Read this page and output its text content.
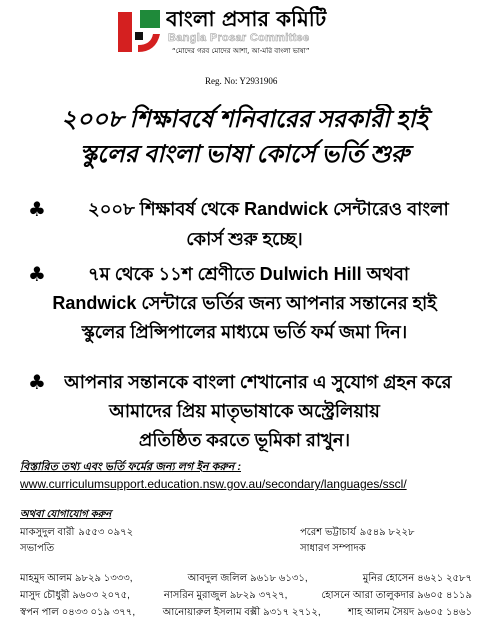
বাংলা প্রসার কমিটি
Bangla Prosar Committee
“মোদের গরব মোদের আশা, আ-মরি বাংলা ভাষা”
Reg. No: Y2931906
২০০৮ শিক্ষাবর্ষে শনিবারের সরকারী হাই
স্কুলের বাংলা ভাষা কোর্সে ভর্তি শুরু
♣	২০০৮ শিক্ষাবর্ষ থেকে Randwick সেন্টারেও বাংলা
কোর্স শুরু হচ্ছে।
♣	৭ম থেকে ১১শ শ্রেণীতে Dulwich Hill অথবা
Randwick সেন্টারে ভর্তির জন্য আপনার সন্তানের হাই
স্কুলের প্রিন্সিপালের মাধ্যমে ভর্তি ফর্ম জমা দিন।
♣	আপনার সন্তানকে বাংলা শেখানোর এ সুযোগ গ্রহন করে
আমাদের প্রিয় মাতৃভাষাকে অস্ট্রেলিয়ায়
প্রতিষ্ঠিত করতে ভূমিকা রাখুন।
বিস্তারিত তথ্য এবং ভর্তি ফর্মের জন্য লগ ইন করুন :
www.curriculumsupport.education.nsw.gov.au/secondary/languages/sscl/
অথবা যোগাযোগ করুন
মাকসুদুল বারী ৯৫৫৩ ০৯৭২
সভাপতি
পরেশ ভট্টাচার্য ৯৫৪৯ ৮২২৮
সাধারণ সম্পাদক
মাহমুদ আলম ৯৮২৯ ১৩৩৩,	আবদুল জলিল ৯৬১৮ ৬১৩১,	মুনির হোসেন ৪৬২১ ২৫৮৭
মাসুদ চৌধুরী ৯৬০৩ ২০৭৫,	নাসরিন মুরাজুল ৯৮২৯ ৩৭২৭,	হোসনে আরা তালুকদার ৯৬০৫ ৪১১৯
স্বপন পাল ০৪৩৩ ০১৯ ৩৭৭,	আনোয়ারুল ইসলাম বক্সী ৯৩১৭ ২৭১২,	শাহ আলম সৈয়দ ৯৬০৫ ১৪৬১
